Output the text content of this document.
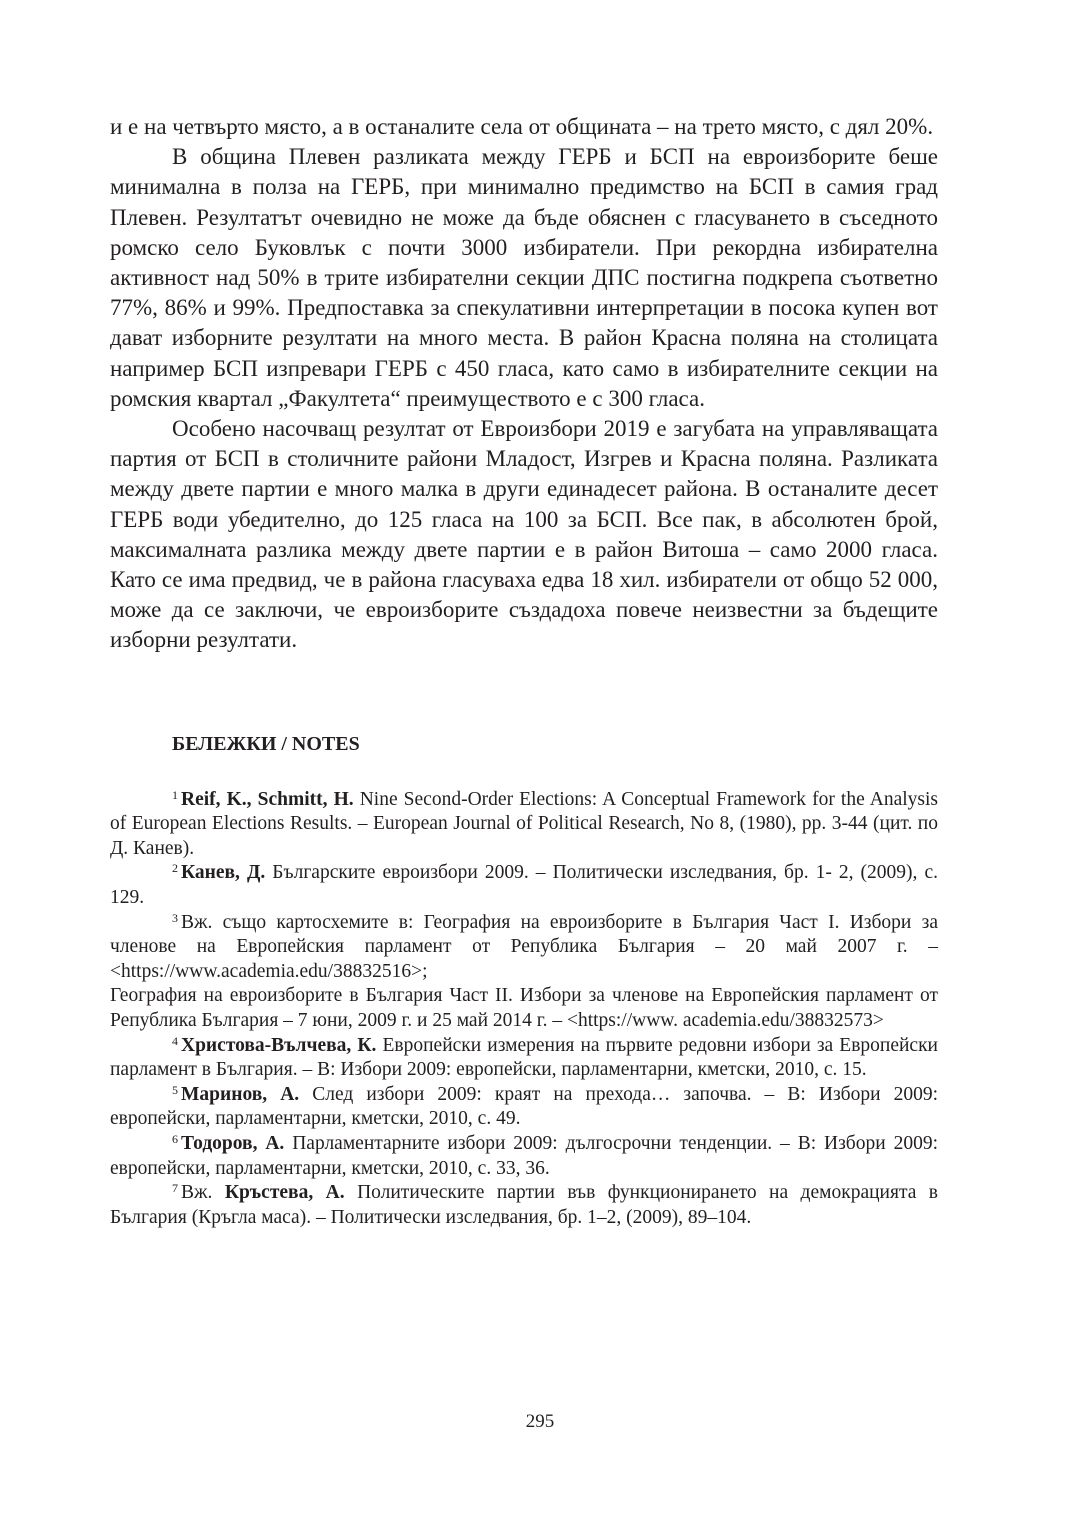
и е на четвърто място, а в останалите села от общината – на трето място, с дял 20%.

В община Плевен разликата между ГЕРБ и БСП на евроизборите беше минимална в полза на ГЕРБ, при минимално предимство на БСП в самия град Плевен. Резултатът очевидно не може да бъде обяснен с гласуването в съседното ромско село Буковлък с почти 3000 избиратели. При рекордна избирателна активност над 50% в трите избирателни секции ДПС постигна подкрепа съответно 77%, 86% и 99%. Предпоставка за спекулативни интерпретации в посока купен вот дават изборните резултати на много места. В район Красна поляна на столицата например БСП изпревари ГЕРБ с 450 гласа, като само в избирателните секции на ромския квартал „Факултета“ преимуществото е с 300 гласа.

Особено насочващ резултат от Евроизбори 2019 е загубата на управляващата партия от БСП в столичните райони Младост, Изгрев и Красна поляна. Разликата между двете партии е много малка в други единадесет района. В останалите десет ГЕРБ води убедително, до 125 гласа на 100 за БСП. Все пак, в абсолютен брой, максималната разлика между двете партии е в район Витоша – само 2000 гласа. Като се има предвид, че в района гласуваха едва 18 хил. избиратели от общо 52 000, може да се заключи, че евроизборите създадоха повече неизвестни за бъдещите изборни резултати.

БЕЛЕЖКИ / NOTES

$^1$ Reif, K., Schmitt, H. Nine Second-Order Elections: A Conceptual Framework for the Analysis of European Elections Results. – European Journal of Political Research, No 8, (1980), pp. 3-44 (цит. по Д. Канев).

$^2$ Канев, Д. Българските евроизбори 2009. – Политически изследвания, бр. 1- 2, (2009), с. 129.

$^3$ Вж. също картосхемите в: География на евроизборите в България Част I. Избори за членове на Европейския парламент от Република България – 20 май 2007 г. – <https://www.academia.edu/38832516>;

География на евроизборите в България Част II. Избори за членове на Европейския парламент от Република България – 7 юни, 2009 г. и 25 май 2014 г. – <https://www. academia.edu/38832573>

$^4$ Христова-Вълчева, К. Европейски измерения на първите редовни избори за Европейски парламент в България. – В: Избори 2009: европейски, парламентарни, кметски, 2010, с. 15.

$^5$ Маринов, А. След избори 2009: краят на прехода… започва. – В: Избори 2009: европейски, парламентарни, кметски, 2010, с. 49.

$^6$ Тодоров, А. Парламентарните избори 2009: дългосрочни тенденции. – В: Избори 2009: европейски, парламентарни, кметски, 2010, с. 33, 36.

$^7$ Вж. Кръстева, А. Политическите партии във функционирането на демокрацията в България (Кръгла маса). – Политически изследвания, бр. 1–2, (2009), 89–104.

295
